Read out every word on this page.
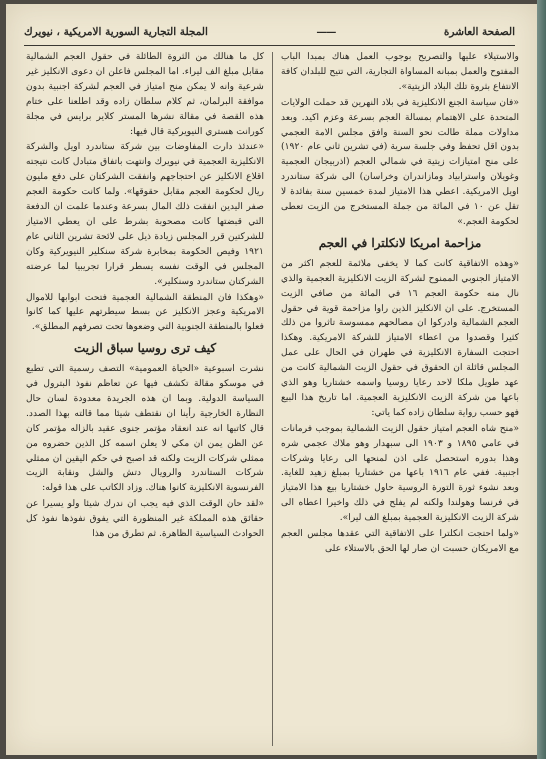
الصفحة العاشرة
——
المجلة التجارية السورية الامريكية ، نيويرك

والاستيلاء عليها والتصريح بوجوب العمل هناك بمبدا الباب المفتوح والعمل بمبانه المساواة التجارية، التي تتيح للبلدان كافة الانتفاع بثروة تلك البلاد الزيتية».

«فان سياسة الجنع الانكليزية في بلاد النهرين قد حملت الولايات المتحدة على الاهتمام بمسالة العجم بسرعة وعزم اكيد. وبعد مداولات مملة طالت نحو السنة وافق مجلس الامة العجمي بدون اقل تحفظ وفي جلسة سرية (في تشرين ثاني عام ١٩٢٠) على منح امتيازات زيتية في شمالي العجم (اذربيجان العجمية وغويلان واسترابياد ومازاندران وخراسان) الى شركة ستاندرد اويل الامريكية. اعطي هذا الامتياز لمدة خمسين سنة بفائدة لا تقل عن ١٠ في المائة من جملة المستخرج من الزيت تعطى لحكومة العجم.»

مزاحمة امريكا لانكلترا في العجم

«وهذه الاتفاقية كانت كما لا يخفى ملائمة للعجم اكثر من الامتياز الجنوبي الممنوح لشركة الزيت الانكليزية العجمية والذي نال منه حكومة العجم ١٦ في المائة من صافي الزيت المستخرج. على ان الانكليز الذين راوا مزاحمة قوية في حقول العجم الشمالية وادركوا ان مصالحهم ممسوسة تاثروا من ذلك كثيرا وقصدوا من اعطاء الامتياز للشركة الامريكية. وهكذا احتجت السفارة الانكليزية في طهران في الحال على عمل المجلس قائلة ان الحقوق في حقول الزيت الشمالية كانت من عهد طويل ملكا لاحد رعايا روسيا واسمه خشتاريا وهو الذي باعها من شركة الزيت الانكليزية العجمية. اما تاريخ هذا البيع فهو حسب رواية سلطان زاده كما ياتي:

«منح شاه العجم امتياز حقول الزيت الشمالية بموجب فرمانات في عامي ١٨٩٥ و ١٩٠٣ الى سبهدار وهو ملاك عجمي شره وهذا بدوره استحصل على اذن لمنحها الى رعايا وشركات اجنبية. ففي عام ١٩١٦ باعها من خشتاريا بمبلغ زهيد للغاية. وبعد نشوء ثورة التورة الروسية حاول خشتاريا بيع هذا الامتياز في فرنسا وهولندا ولكنه لم يفلح في ذلك واخيرا اعطاه الى شركة الزيت الانكليزية العجمية بمبلغ الف ليرا».

«ولما احتجت انكلترا على الاتفاقية التي عقدها مجلس العجم مع الامريكان حسبت ان صار لها الحق بالاستلاء على

كل ما هنالك من الثروة الطائلة في حقول العجم الشمالية مقابل مبلغ الف ليراء. اما المجلس فاعلن ان دعوى الانكليز غير شرعية وانه لا يمكن منح امتياز في العجم لشركة اجنبية بدون موافقة البرلمان، ثم كلام سلطان زاده وقد اطلعنا على ختام هذه القصة في مقالة نشرها المستر كلاير برايس في مجلة كورانت هستري النيويركية قال فيها:

«عندئذ دارت المفاوضات بين شركة ستاندرد اويل والشركة الانكليزية العجمية في نيويرك وانتهت باتفاق متبادل كانت نتيجته اقلاع الانكليز عن احتجاجهم وانفقت الشركتان على دفع مليون ريال لحكومة العجم مقابل حقوقها». ولما كانت حكومة العجم صفر اليدين انفقت ذلك المال بسرعة وعندما علمت ان الدفعة التي قبضتها كانت مصحوبة بشرط على ان يعطي الامتياز للشركتين قرر المجلس زيادة ذيل على لائحة تشرين الثاني عام ١٩٢١ وفيص الحكومة بمخابرة شركة سنكلير النيويركية وكان المجلس في الوقت نفسه يسطر قرارا تجريبيا لما عرضته الشركتان ستاندرد وسنكلير».

«وهكذا فان المنطقة الشمالية العجمية فتحت ابوابها للاموال الامريكية وعجز الانكليز عن بسط سيطرتهم عليها كما كانوا فعلوا بالمنطقة الجنوبية التي وضعوها تحت تصرفهم المطلق».

كيف ترى روسيا سباق الزيت

نشرت اسبوعية «الحياة العمومية» التصف رسمية التي تطبع في موسكو مقالة تكشف فيها عن تعاظم نفوذ البترول في السياسة الدولية. وبما ان هذه الجريدة معدودة لسان حال النظارة الخارجية رأينا ان نقتطف شيئا مما قالته بهذا الصدد. قال كاتبها انه عند انعقاد مؤتمر جنوى عقيد بالزاله مؤتمر كان عن الظن يمن ان مكي لا يعلن اسمه كل الذين حضروه من ممثلي شركات الزيت ولكنه قد اصبح في حكم اليقين ان ممثلي شركات الستاندرد والرويال دتش والشل ونقابة الزيت الفرنسوية الانكليزية كانوا هناك. وزاد الكاتب على هذا قوله:

«لقد حان الوقت الذي فيه يجب ان ندرك شيئا ولو يسيرا عن حقائق هذه المملكة غير المنظورة التي يفوق نفوذها نفوذ كل الحوادث السياسية الظاهرة. ثم تطرق من هذا
